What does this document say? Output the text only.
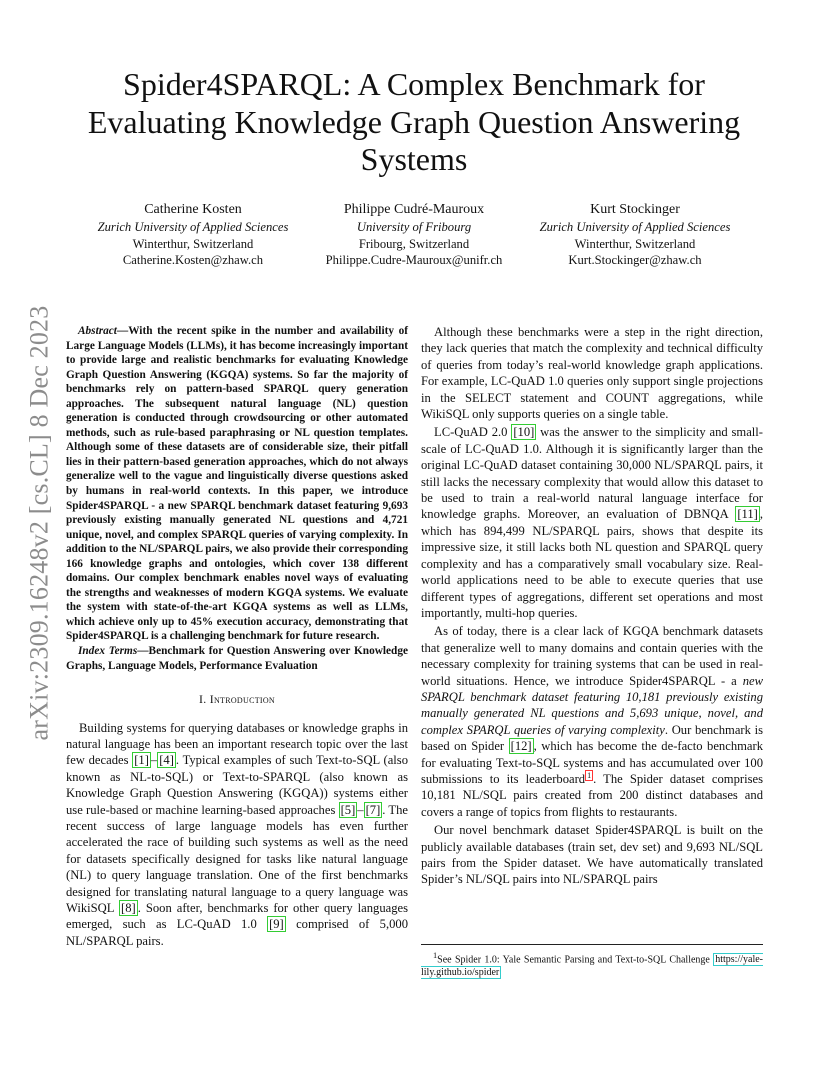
arXiv:2309.16248v2 [cs.CL] 8 Dec 2023
Spider4SPARQL: A Complex Benchmark for Evaluating Knowledge Graph Question Answering Systems
Catherine Kosten
Zurich University of Applied Sciences
Winterthur, Switzerland
Catherine.Kosten@zhaw.ch
Philippe Cudré-Mauroux
University of Fribourg
Fribourg, Switzerland
Philippe.Cudre-Mauroux@unifr.ch
Kurt Stockinger
Zurich University of Applied Sciences
Winterthur, Switzerland
Kurt.Stockinger@zhaw.ch

Abstract—With the recent spike in the number and availability of Large Language Models (LLMs), it has become increasingly important to provide large and realistic benchmarks for evaluating Knowledge Graph Question Answering (KGQA) systems. So far the majority of benchmarks rely on pattern-based SPARQL query generation approaches. The subsequent natural language (NL) question generation is conducted through crowdsourcing or other automated methods, such as rule-based paraphrasing or NL question templates. Although some of these datasets are of considerable size, their pitfall lies in their pattern-based generation approaches, which do not always generalize well to the vague and linguistically diverse questions asked by humans in real-world contexts. In this paper, we introduce Spider4SPARQL - a new SPARQL benchmark dataset featuring 9,693 previously existing manually generated NL questions and 4,721 unique, novel, and complex SPARQL queries of varying complexity. In addition to the NL/SPARQL pairs, we also provide their corresponding 166 knowledge graphs and ontologies, which cover 138 different domains. Our complex benchmark enables novel ways of evaluating the strengths and weaknesses of modern KGQA systems. We evaluate the system with state-of-the-art KGQA systems as well as LLMs, which achieve only up to 45% execution accuracy, demonstrating that Spider4SPARQL is a challenging benchmark for future research.

Index Terms—Benchmark for Question Answering over Knowledge Graphs, Language Models, Performance Evaluation

I. Introduction

Building systems for querying databases or knowledge graphs in natural language has been an important research topic over the last few decades [1] – [4] . Typical examples of such Text-to-SQL (also known as NL-to-SQL) or Text-to-SPARQL (also known as Knowledge Graph Question Answering (KGQA)) systems either use rule-based or machine learning-based approaches [5] – [7] . The recent success of large language models has even further accelerated the race of building such systems as well as the need for datasets specifically designed for tasks like natural language (NL) to query language translation. One of the first benchmarks designed for translating natural language to a query language was WikiSQL [8] . Soon after, benchmarks for other query languages emerged, such as LC-QuAD 1.0 [9] comprised of 5,000 NL/SPARQL pairs.

Although these benchmarks were a step in the right direction, they lack queries that match the complexity and technical difficulty of queries from today’s real-world knowledge graph applications. For example, LC-QuAD 1.0 queries only support single projections in the SELECT statement and COUNT aggregations, while WikiSQL only supports queries on a single table.

LC-QuAD 2.0 [10] was the answer to the simplicity and small-scale of LC-QuAD 1.0. Although it is significantly larger than the original LC-QuAD dataset containing 30,000 NL/SPARQL pairs, it still lacks the necessary complexity that would allow this dataset to be used to train a real-world natural language interface for knowledge graphs. Moreover, an evaluation of DBNQA [11] , which has 894,499 NL/SPARQL pairs, shows that despite its impressive size, it still lacks both NL question and SPARQL query complexity and has a comparatively small vocabulary size. Real-world applications need to be able to execute queries that use different types of aggregations, different set operations and most importantly, multi-hop queries.

As of today, there is a clear lack of KGQA benchmark datasets that generalize well to many domains and contain queries with the necessary complexity for training systems that can be used in real-world situations. Hence, we introduce Spider4SPARQL - a new SPARQL benchmark dataset featuring 10,181 previously existing manually generated NL questions and 5,693 unique, novel, and complex SPARQL queries of varying complexity. Our benchmark is based on Spider [12] , which has become the de-facto benchmark for evaluating Text-to-SQL systems and has accumulated over 100 submissions to its leaderboard $^1$ . The Spider dataset comprises 10,181 NL/SQL pairs created from 200 distinct databases and covers a range of topics from flights to restaurants.

Our novel benchmark dataset Spider4SPARQL is built on the publicly available databases (train set, dev set) and 9,693 NL/SQL pairs from the Spider dataset. We have automatically translated Spider’s NL/SQL pairs into NL/SPARQL pairs

$^1$See Spider 1.0: Yale Semantic Parsing and Text-to-SQL Challenge https://yale-lily.github.io/spider
